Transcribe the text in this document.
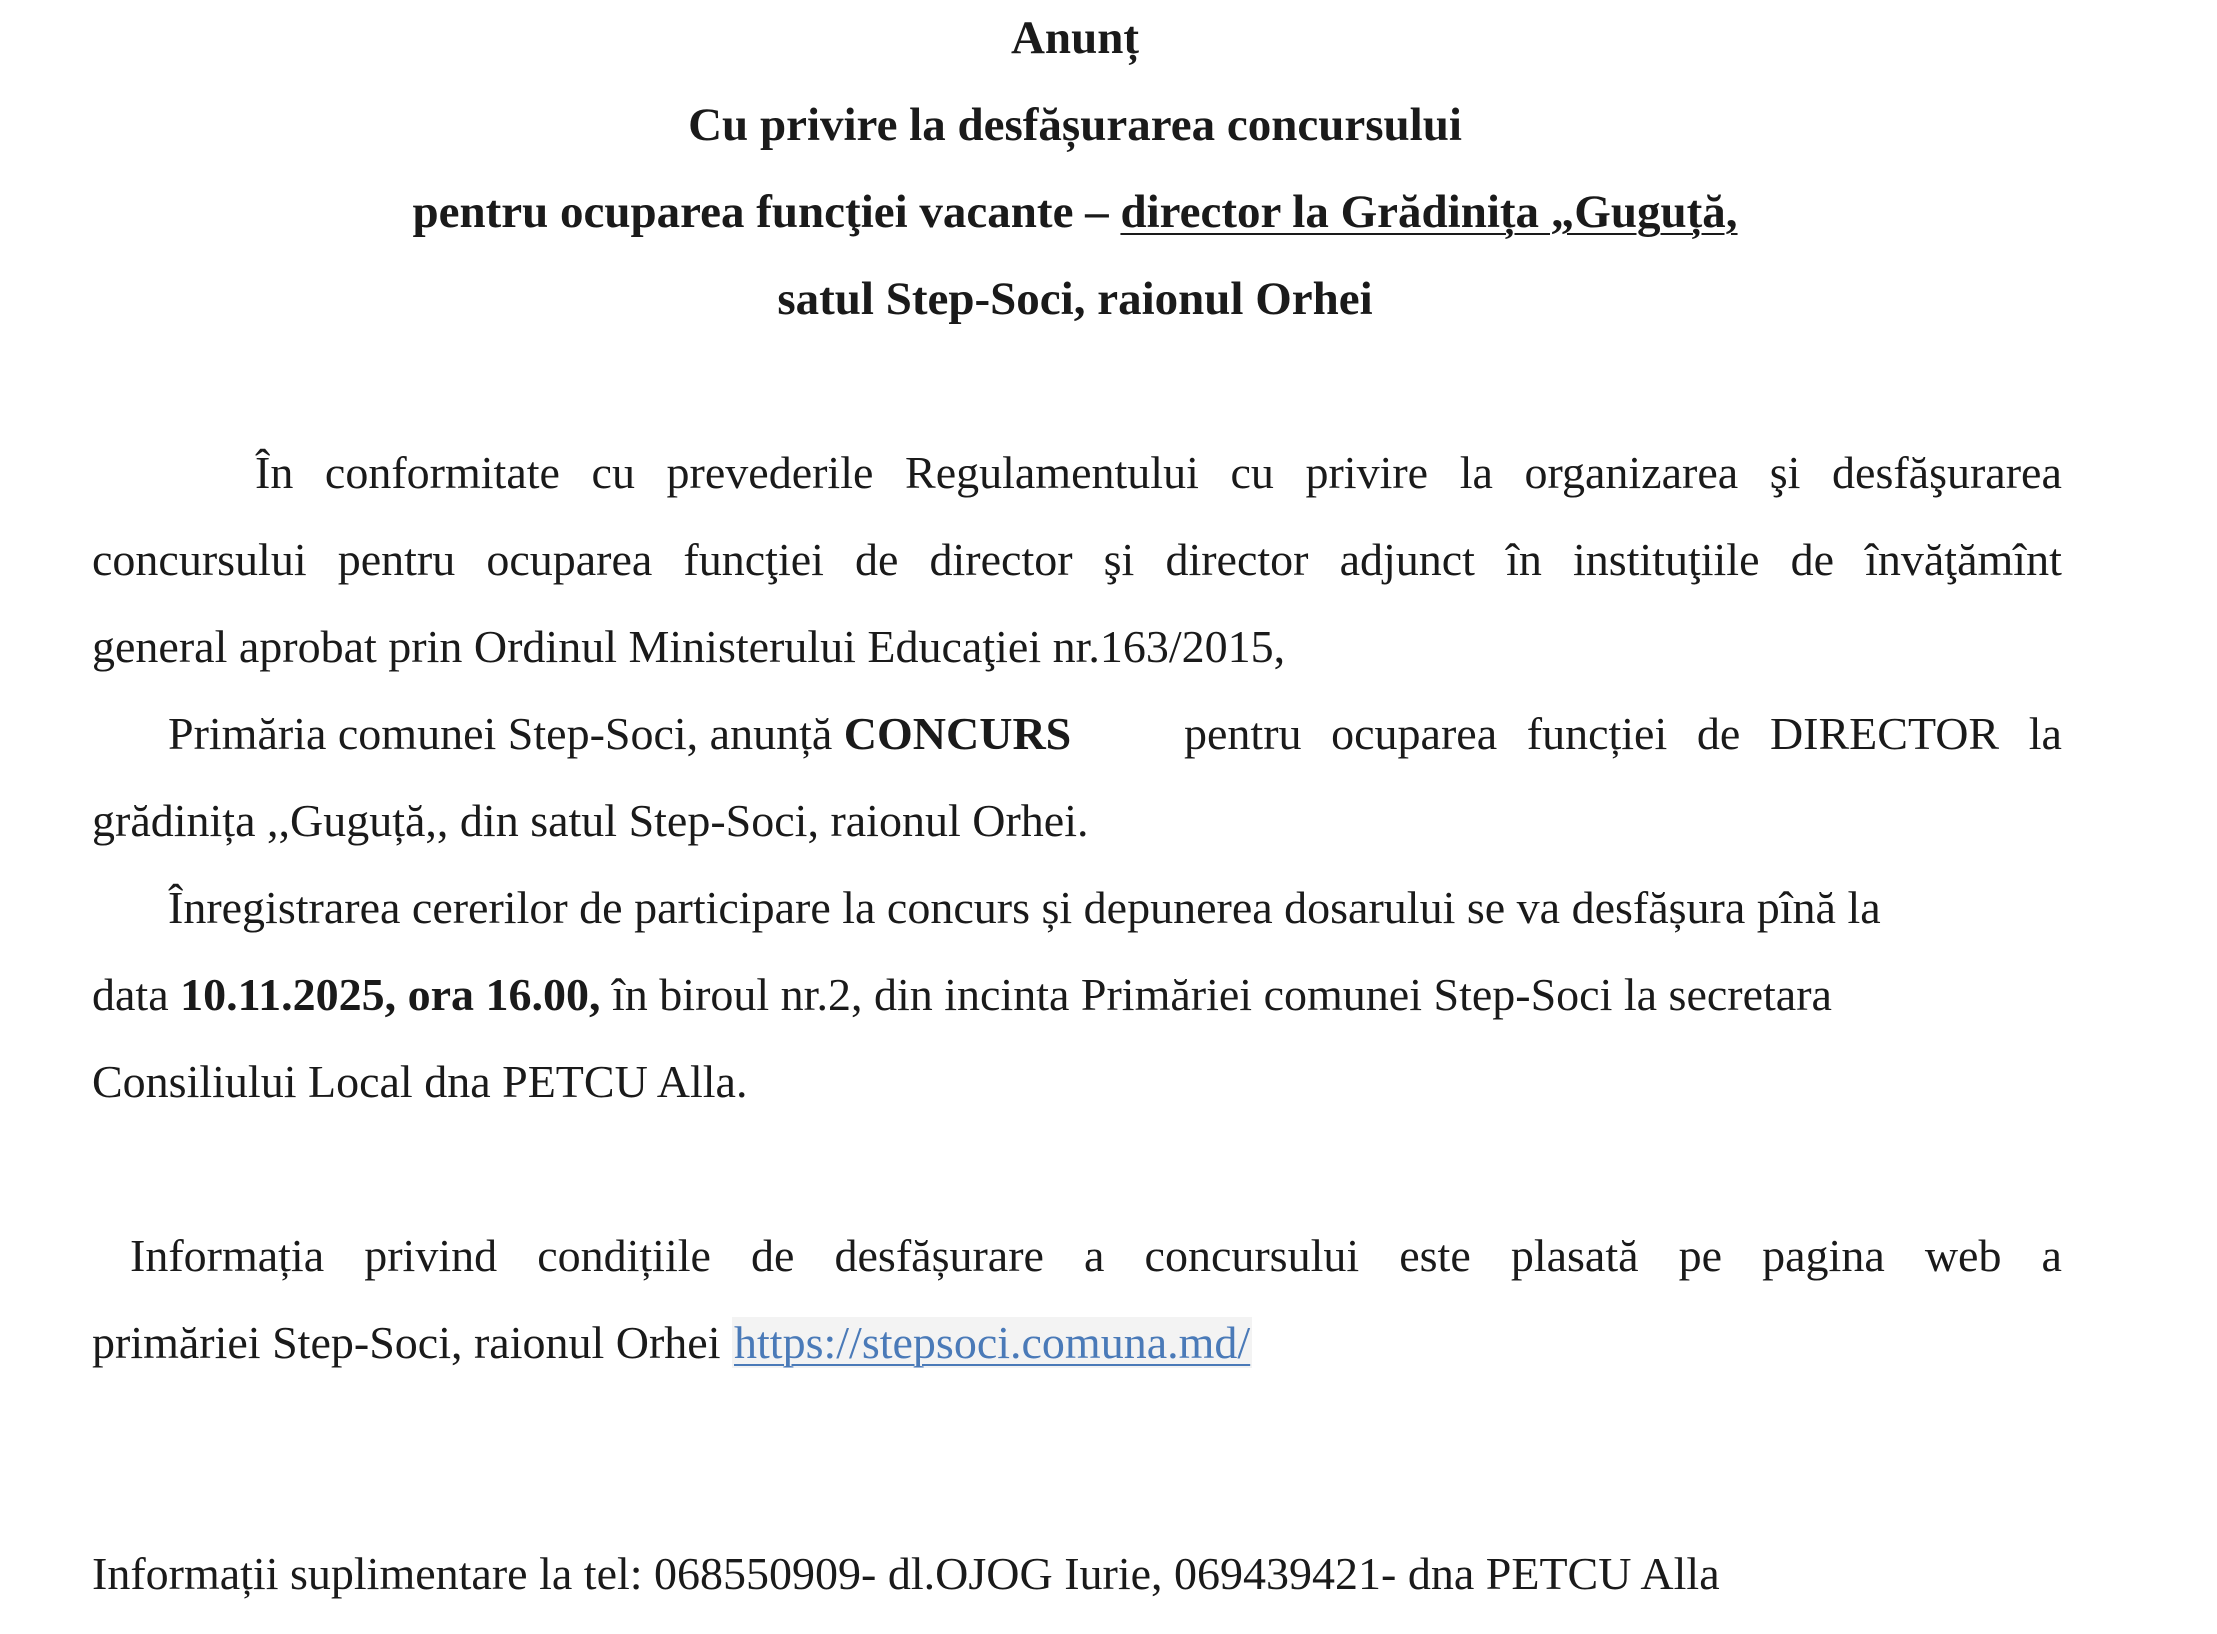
Anunț
Cu privire la desfășurarea concursului
pentru ocuparea funcţiei vacante – director la Grădinița „Guguță,
satul Step-Soci, raionul Orhei
În conformitate cu prevederile Regulamentului cu privire la organizarea şi desfăşurarea
concursului pentru ocuparea funcţiei de director şi director adjunct în instituţiile de învăţămînt
general aprobat prin Ordinul Ministerului Educaţiei nr.163/2015,
Primăria comunei Step-Soci, anunță CONCURS pentru ocuparea funcției de DIRECTOR la
grădinița ,,Guguță,, din satul Step-Soci, raionul Orhei.
Înregistrarea cererilor de participare la concurs și depunerea dosarului se va desfășura pînă la
data 10.11.2025, ora 16.00, în biroul nr.2, din incinta Primăriei comunei Step-Soci la secretara
Consiliului Local dna PETCU Alla.
Informația privind condițiile de desfășurare a concursului este plasată pe pagina web a
primăriei Step-Soci, raionul Orhei https://stepsoci.comuna.md/
Informații suplimentare la tel: 068550909- dl.OJOG Iurie, 069439421- dna PETCU Alla
